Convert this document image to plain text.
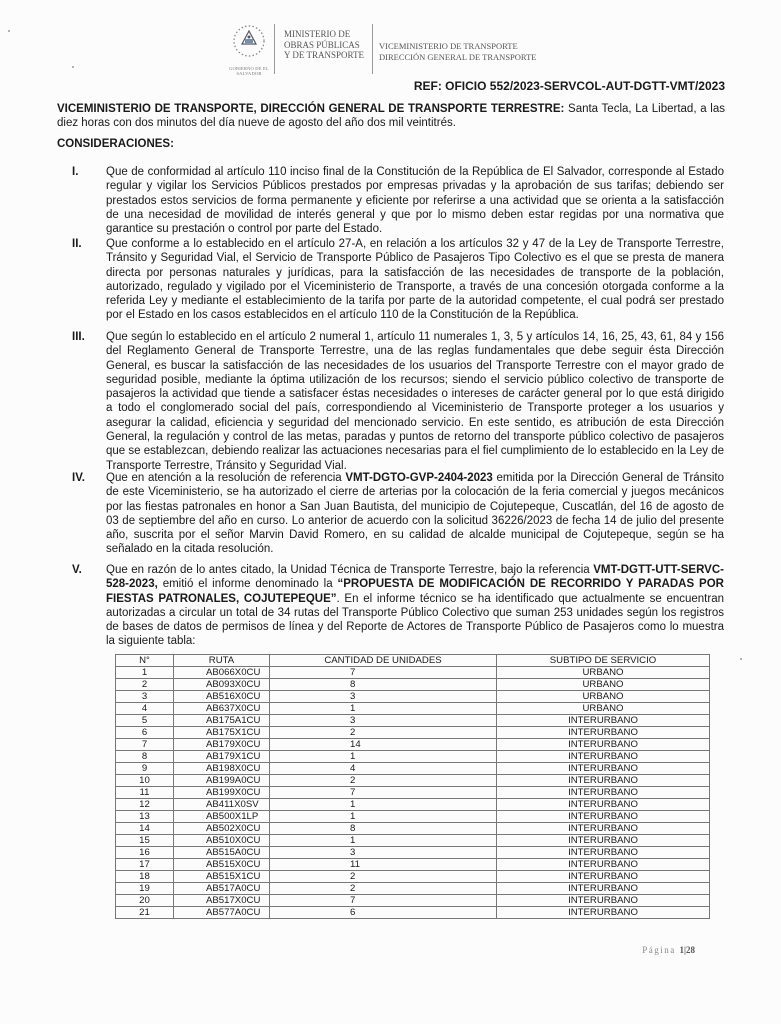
GOBIERNO DE EL SALVADOR
MINISTERIO DE
OBRAS PÚBLICAS
Y DE TRANSPORTE
VICEMINISTERIO DE TRANSPORTE
DIRECCIÓN GENERAL DE TRANSPORTE
REF: OFICIO 552/2023-SERVCOL-AUT-DGTT-VMT/2023
VICEMINISTERIO DE TRANSPORTE, DIRECCIÓN GENERAL DE TRANSPORTE TERRESTRE: Santa Tecla, La Libertad, a las diez horas con dos minutos del día nueve de agosto del año dos mil veintitrés.
CONSIDERACIONES:
I.	Que de conformidad al artículo 110 inciso final de la Constitución de la República de El Salvador, corresponde al Estado regular y vigilar los Servicios Públicos prestados por empresas privadas y la aprobación de sus tarifas; debiendo ser prestados estos servicios de forma permanente y eficiente por referirse a una actividad que se orienta a la satisfacción de una necesidad de movilidad de interés general y que por lo mismo deben estar regidas por una normativa que garantice su prestación o control por parte del Estado.
II.	Que conforme a lo establecido en el artículo 27-A, en relación a los artículos 32 y 47 de la Ley de Transporte Terrestre, Tránsito y Seguridad Vial, el Servicio de Transporte Público de Pasajeros Tipo Colectivo es el que se presta de manera directa por personas naturales y jurídicas, para la satisfacción de las necesidades de transporte de la población, autorizado, regulado y vigilado por el Viceministerio de Transporte, a través de una concesión otorgada conforme a la referida Ley y mediante el establecimiento de la tarifa por parte de la autoridad competente, el cual podrá ser prestado por el Estado en los casos establecidos en el artículo 110 de la Constitución de la República.
III.	Que según lo establecido en el artículo 2 numeral 1, artículo 11 numerales 1, 3, 5 y artículos 14, 16, 25, 43, 61, 84 y 156 del Reglamento General de Transporte Terrestre, una de las reglas fundamentales que debe seguir ésta Dirección General, es buscar la satisfacción de las necesidades de los usuarios del Transporte Terrestre con el mayor grado de seguridad posible, mediante la óptima utilización de los recursos; siendo el servicio público colectivo de transporte de pasajeros la actividad que tiende a satisfacer éstas necesidades o intereses de carácter general por lo que está dirigido a todo el conglomerado social del país, correspondiendo al Viceministerio de Transporte proteger a los usuarios y asegurar la calidad, eficiencia y seguridad del mencionado servicio. En este sentido, es atribución de esta Dirección General, la regulación y control de las metas, paradas y puntos de retorno del transporte público colectivo de pasajeros que se establezcan, debiendo realizar las actuaciones necesarias para el fiel cumplimiento de lo establecido en la Ley de Transporte Terrestre, Tránsito y Seguridad Vial.
IV.	Que en atención a la resolución de referencia VMT-DGTO-GVP-2404-2023 emitida por la Dirección General de Tránsito de este Viceministerio, se ha autorizado el cierre de arterias por la colocación de la feria comercial y juegos mecánicos por las fiestas patronales en honor a San Juan Bautista, del municipio de Cojutepeque, Cuscatlán, del 16 de agosto de 03 de septiembre del año en curso. Lo anterior de acuerdo con la solicitud 36226/2023 de fecha 14 de julio del presente año, suscrita por el señor Marvin David Romero, en su calidad de alcalde municipal de Cojutepeque, según se ha señalado en la citada resolución.
V.	Que en razón de lo antes citado, la Unidad Técnica de Transporte Terrestre, bajo la referencia VMT-DGTT-UTT-SERVC-528-2023, emitió el informe denominado la “PROPUESTA DE MODIFICACIÓN DE RECORRIDO Y PARADAS POR FIESTAS PATRONALES, COJUTEPEQUE”. En el informe técnico se ha identificado que actualmente se encuentran autorizadas a circular un total de 34 rutas del Transporte Público Colectivo que suman 253 unidades según los registros de bases de datos de permisos de línea y del Reporte de Actores de Transporte Público de Pasajeros como lo muestra la siguiente tabla:
N°	RUTA	CANTIDAD DE UNIDADES	SUBTIPO DE SERVICIO
1	AB066X0CU	7	URBANO
2	AB093X0CU	8	URBANO
3	AB516X0CU	3	URBANO
4	AB637X0CU	1	URBANO
5	AB175A1CU	3	INTERURBANO
6	AB175X1CU	2	INTERURBANO
7	AB179X0CU	14	INTERURBANO
8	AB179X1CU	1	INTERURBANO
9	AB198X0CU	4	INTERURBANO
10	AB199A0CU	2	INTERURBANO
11	AB199X0CU	7	INTERURBANO
12	AB411X0SV	1	INTERURBANO
13	AB500X1LP	1	INTERURBANO
14	AB502X0CU	8	INTERURBANO
15	AB510X0CU	1	INTERURBANO
16	AB515A0CU	3	INTERURBANO
17	AB515X0CU	11	INTERURBANO
18	AB515X1CU	2	INTERURBANO
19	AB517A0CU	2	INTERURBANO
20	AB517X0CU	7	INTERURBANO
21	AB577A0CU	6	INTERURBANO
Página 1|28
